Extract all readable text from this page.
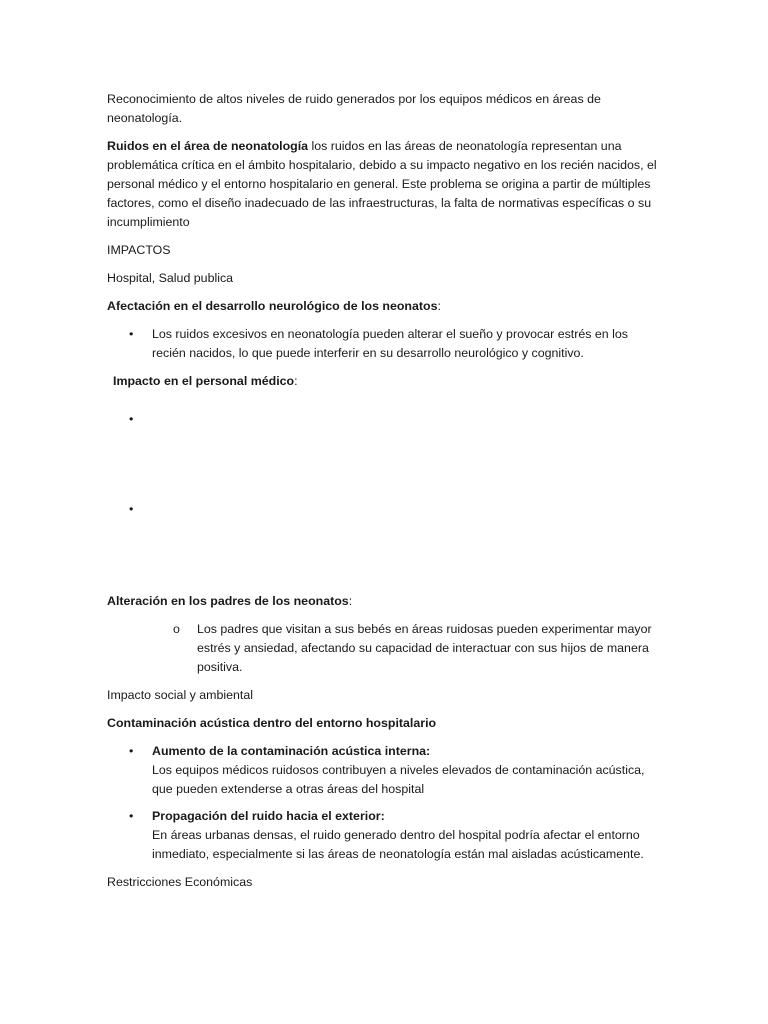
Reconocimiento de altos niveles de ruido generados por los equipos médicos en áreas de neonatología.

Ruidos en el área de neonatología los ruidos en las áreas de neonatología representan una problemática crítica en el ámbito hospitalario, debido a su impacto negativo en los recién nacidos, el personal médico y el entorno hospitalario en general. Este problema se origina a partir de múltiples factores, como el diseño inadecuado de las infraestructuras, la falta de normativas específicas o su incumplimiento

IMPACTOS

Hospital, Salud publica

Afectación en el desarrollo neurológico de los neonatos:

• Los ruidos excesivos en neonatología pueden alterar el sueño y provocar estrés en los recién nacidos, lo que puede interferir en su desarrollo neurológico y cognitivo.

Impacto en el personal médico:

•
•

Alteración en los padres de los neonatos:

o Los padres que visitan a sus bebés en áreas ruidosas pueden experimentar mayor estrés y ansiedad, afectando su capacidad de interactuar con sus hijos de manera positiva.

Impacto social y ambiental

Contaminación acústica dentro del entorno hospitalario

• Aumento de la contaminación acústica interna:
Los equipos médicos ruidosos contribuyen a niveles elevados de contaminación acústica, que pueden extenderse a otras áreas del hospital
• Propagación del ruido hacia el exterior:
En áreas urbanas densas, el ruido generado dentro del hospital podría afectar el entorno inmediato, especialmente si las áreas de neonatología están mal aisladas acústicamente.

Restricciones Económicas
